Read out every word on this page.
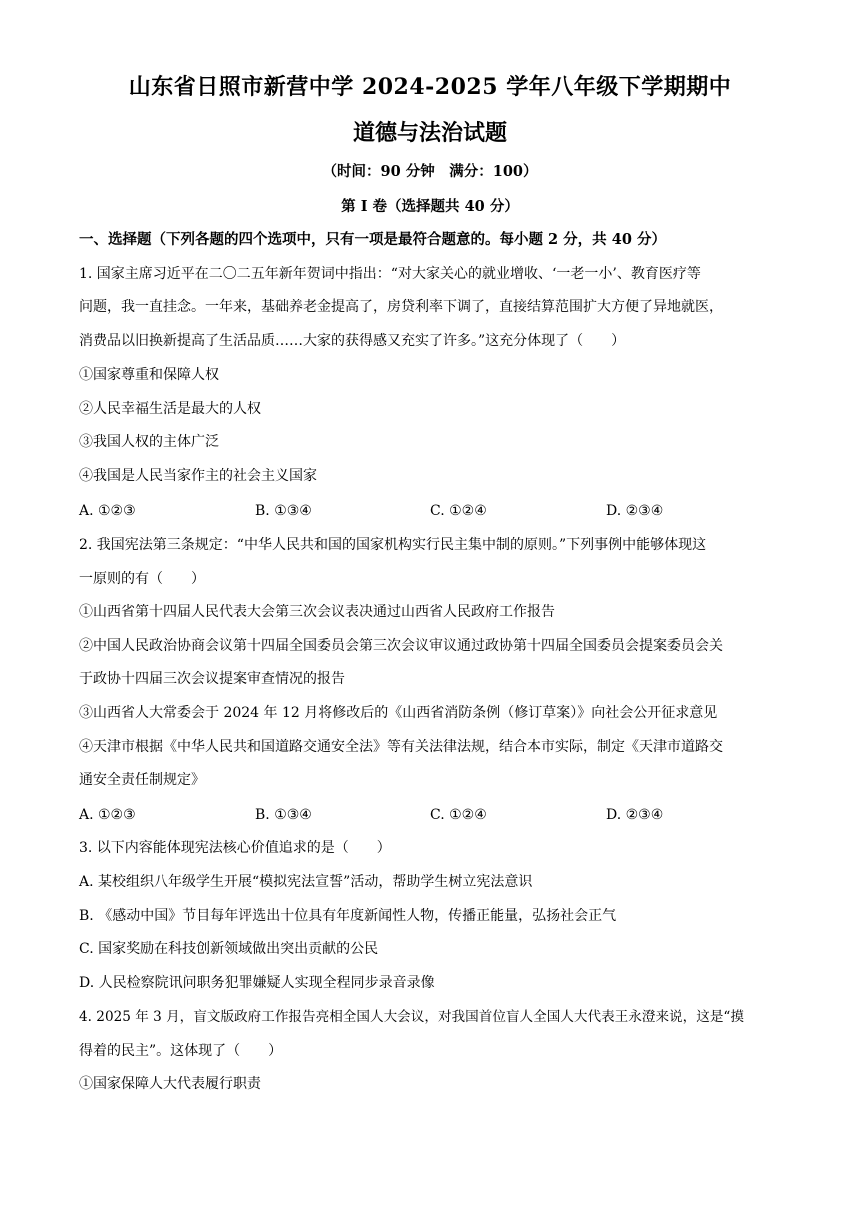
山东省日照市新营中学 2024-2025 学年八年级下学期期中
道德与法治试题
（时间：90 分钟　满分：100）
第 I 卷（选择题共 40 分）
一、选择题（下列各题的四个选项中，只有一项是最符合题意的。每小题 2 分，共 40 分）
1. 国家主席习近平在二〇二五年新年贺词中指出：“对大家关心的就业增收、‘一老一小’、教育医疗等
问题，我一直挂念。一年来，基础养老金提高了，房贷利率下调了，直接结算范围扩大方便了异地就医，
消费品以旧换新提高了生活品质……大家的获得感又充实了许多。”这充分体现了（　　）
①国家尊重和保障人权
②人民幸福生活是最大的人权
③我国人权的主体广泛
④我国是人民当家作主的社会主义国家
A. ①②③	B. ①③④	C. ①②④	D. ②③④
2. 我国宪法第三条规定：“中华人民共和国的国家机构实行民主集中制的原则。”下列事例中能够体现这
一原则的有（　　）
①山西省第十四届人民代表大会第三次会议表决通过山西省人民政府工作报告
②中国人民政治协商会议第十四届全国委员会第三次会议审议通过政协第十四届全国委员会提案委员会关
于政协十四届三次会议提案审查情况的报告
③山西省人大常委会于 2024 年 12 月将修改后的《山西省消防条例（修订草案）》向社会公开征求意见
④天津市根据《中华人民共和国道路交通安全法》等有关法律法规，结合本市实际，制定《天津市道路交
通安全责任制规定》
A. ①②③	B. ①③④	C. ①②④	D. ②③④
3. 以下内容能体现宪法核心价值追求的是（　　）
A. 某校组织八年级学生开展“模拟宪法宣誓”活动，帮助学生树立宪法意识
B. 《感动中国》节目每年评选出十位具有年度新闻性人物，传播正能量，弘扬社会正气
C. 国家奖励在科技创新领域做出突出贡献的公民
D. 人民检察院讯问职务犯罪嫌疑人实现全程同步录音录像
4. 2025 年 3 月，盲文版政府工作报告亮相全国人大会议，对我国首位盲人全国人大代表王永澄来说，这是“摸
得着的民主”。这体现了（　　）
①国家保障人大代表履行职责
